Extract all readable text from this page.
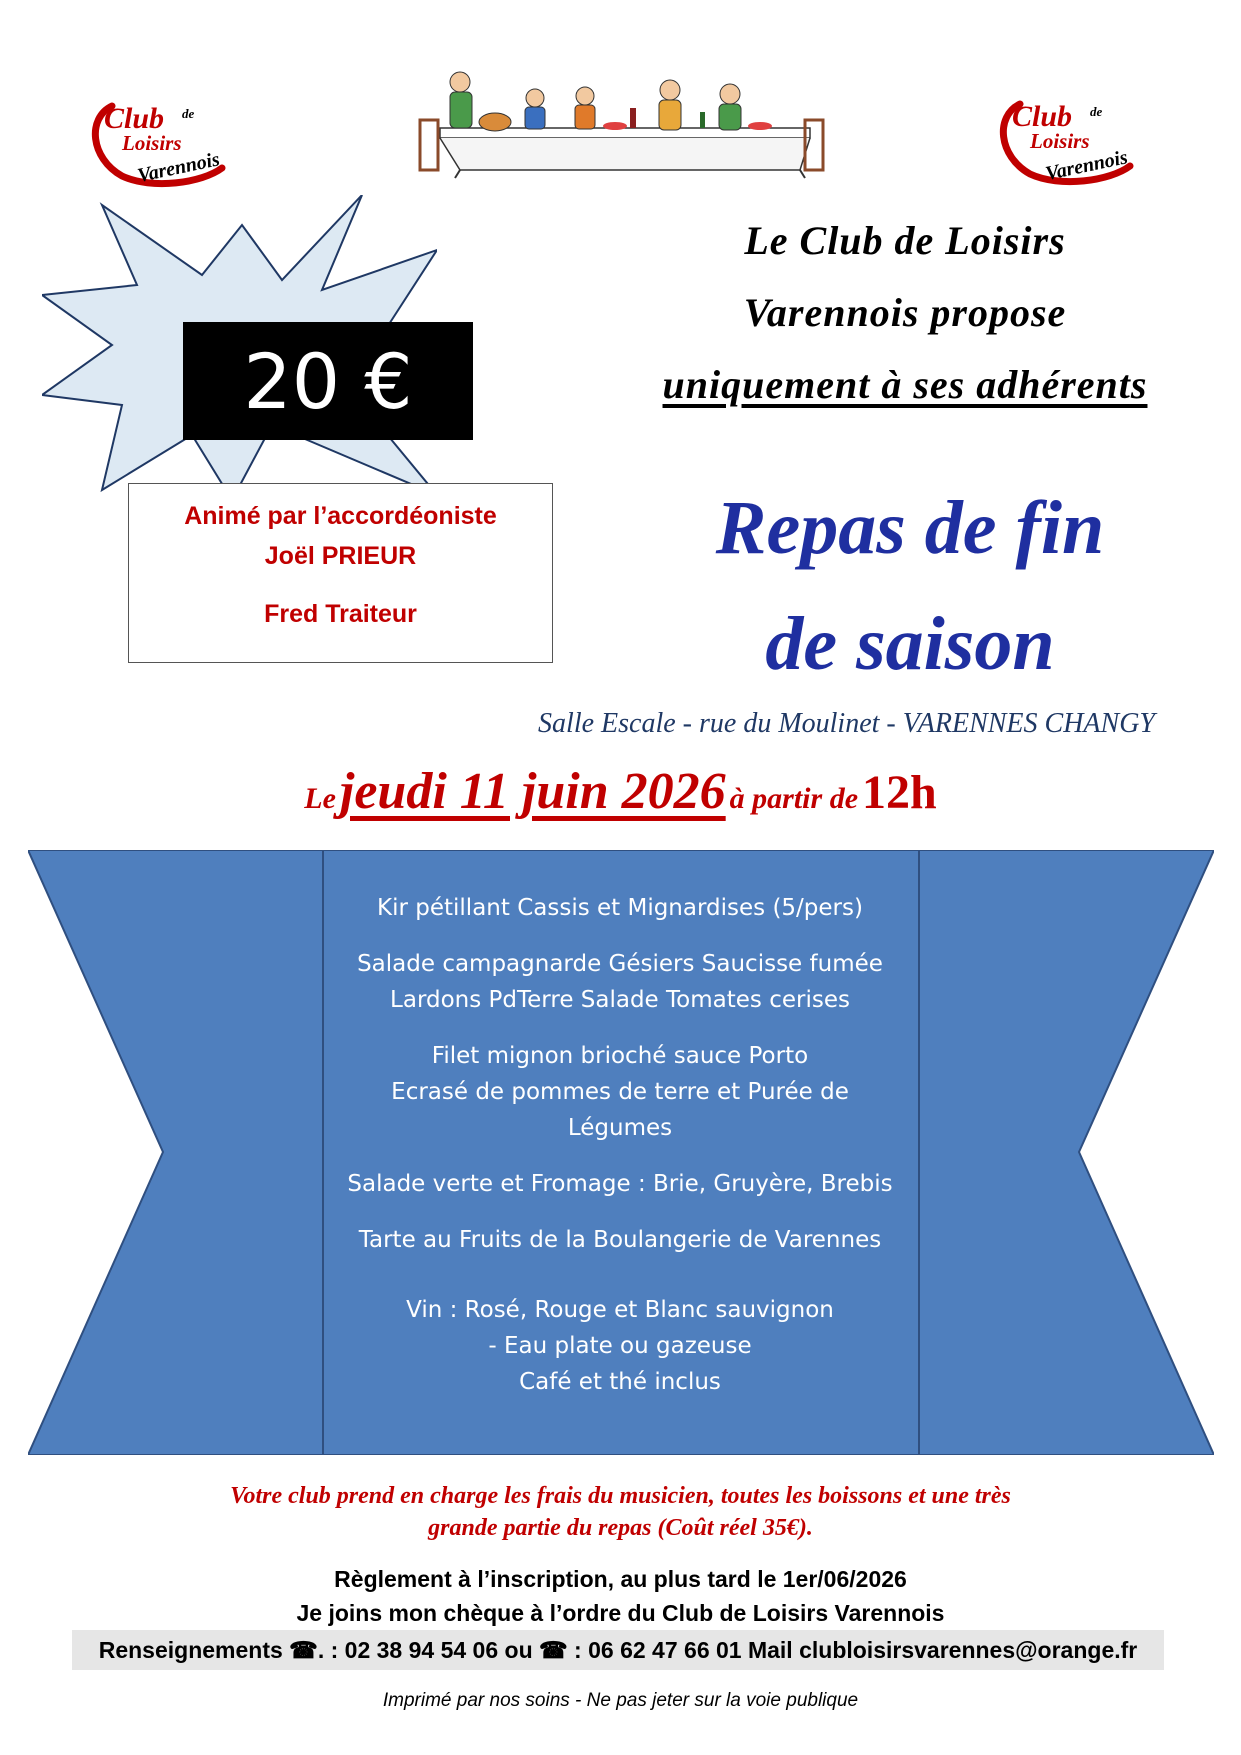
Club de
Loisirs
Varennois
Club de
Loisirs
Varennois
20 €
Animé par l’accordéoniste
Joël PRIEUR
Fred Traiteur
Le Club de Loisirs
Varennois propose
uniquement à ses adhérents
Repas de fin
de saison
Salle Escale - rue du Moulinet - VARENNES CHANGY
Le jeudi 11 juin 2026 à partir de 12h

Kir pétillant Cassis et Mignardises (5/pers)

Salade campagnarde Gésiers Saucisse fumée

Lardons PdTerre Salade Tomates cerises

Filet mignon brioché sauce Porto

Ecrasé de pommes de terre et Purée de

Légumes

Salade verte et Fromage : Brie, Gruyère, Brebis

Tarte au Fruits de la Boulangerie de Varennes

Vin : Rosé, Rouge et Blanc sauvignon

- Eau plate ou gazeuse

Café et thé inclus

Votre club prend en charge les frais du musicien, toutes les boissons et une très
grande partie du repas (Coût réel 35€).
Règlement à l’inscription, au plus tard le 1er/06/2026
Je joins mon chèque à l’ordre du Club de Loisirs Varennois
Renseignements ☎. : 02 38 94 54 06 ou ☎ : 06 62 47 66 01 Mail clubloisirsvarennes@orange.fr
Imprimé par nos soins - Ne pas jeter sur la voie publique
